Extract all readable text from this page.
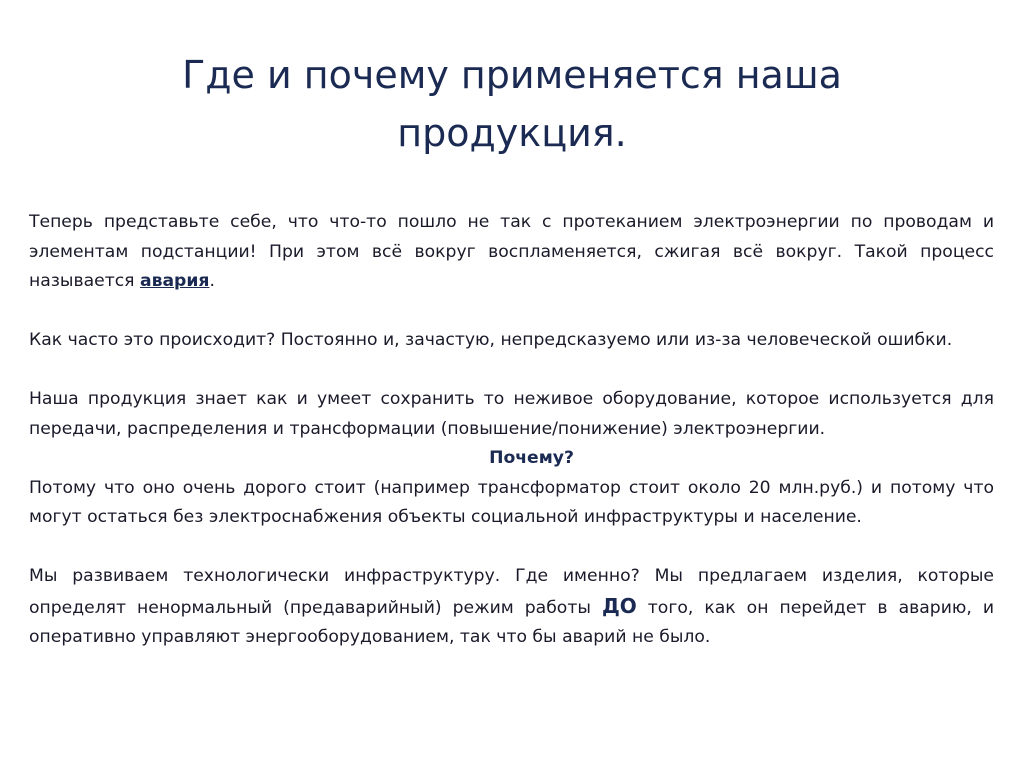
Где и почему применяется наша
продукция.

Теперь представьте себе, что что-то пошло не так с протеканием электроэнергии по проводам и элементам подстанции! При этом всё вокруг воспламеняется, сжигая всё вокруг. Такой процесс называется авария.

Как часто это происходит? Постоянно и, зачастую, непредсказуемо или из-за человеческой ошибки.

Наша продукция знает как и умеет сохранить то неживое оборудование, которое используется для передачи, распределения и трансформации (повышение/понижение) электроэнергии.

Почему?

Потому что оно очень дорого стоит (например трансформатор стоит около 20 млн.руб.) и потому что могут остаться без электроснабжения объекты социальной инфраструктуры и население.

Мы развиваем технологически инфраструктуру. Где именно? Мы предлагаем изделия, которые определят ненормальный (предаварийный) режим работы ДО того, как он перейдет в аварию, и оперативно управляют энергооборудованием, так что бы аварий не было.
